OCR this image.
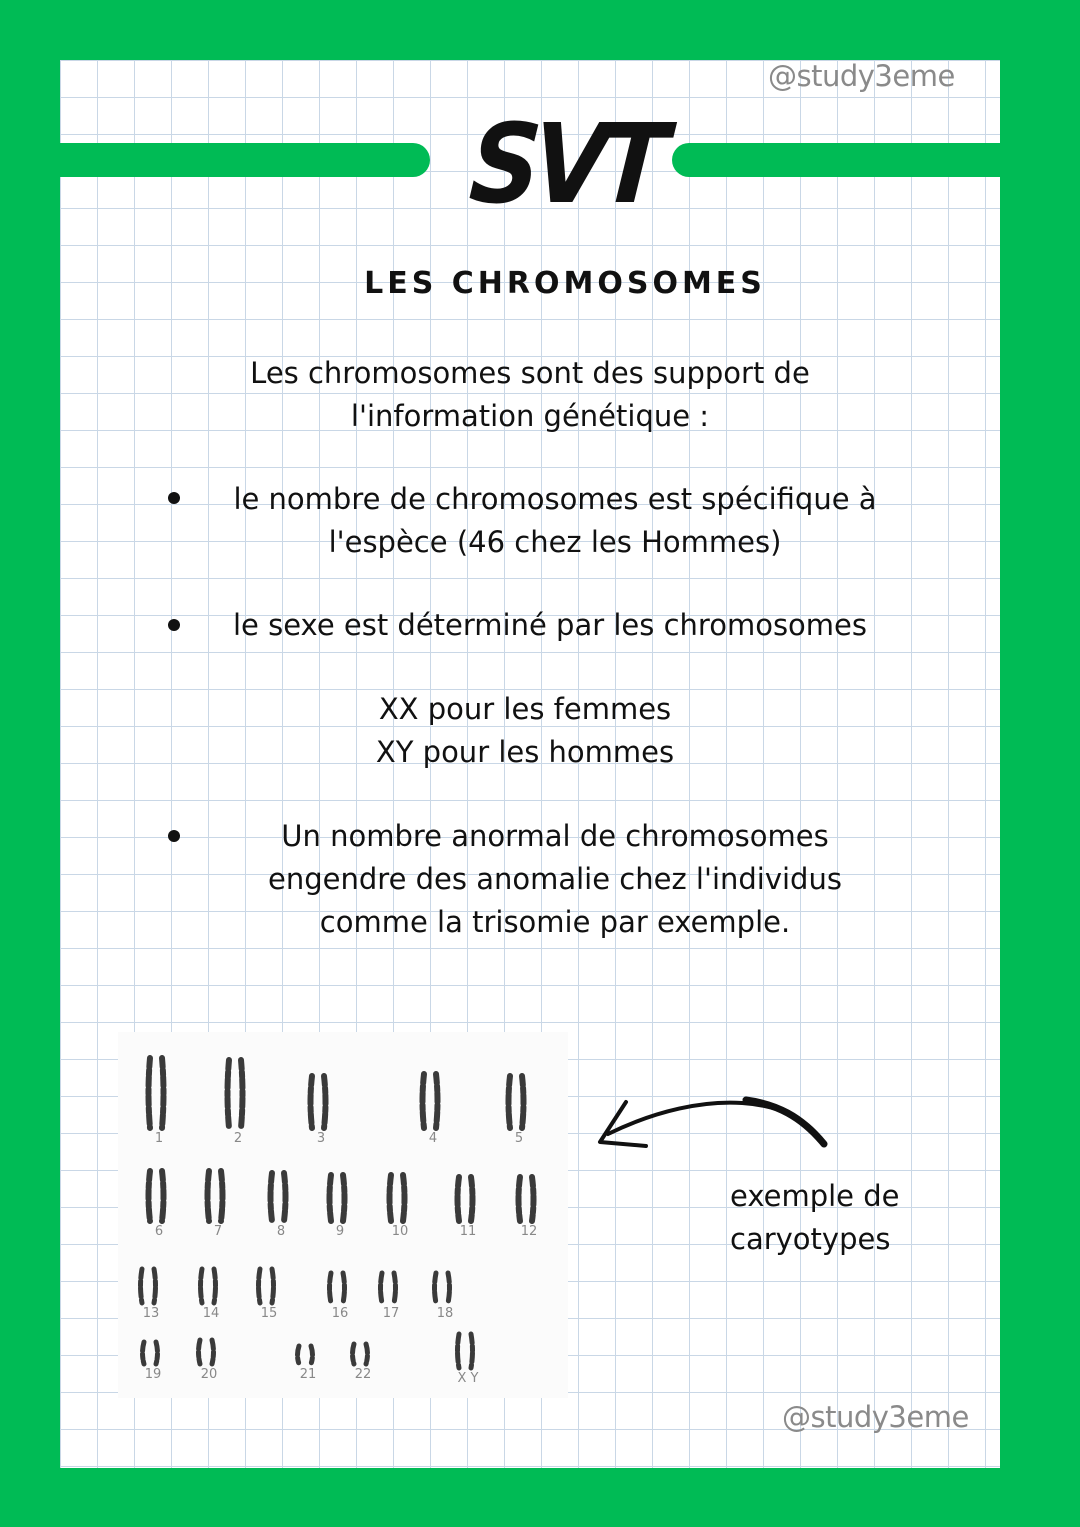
@study3eme
SVT
LES CHROMOSOMES
Les chromosomes sont des support de
l'information génétique :
le nombre de chromosomes est spécifique à
l'espèce (46 chez les Hommes)
le sexe est déterminé par les chromosomes
XX pour les femmes
XY pour les hommes
Un nombre anormal de chromosomes
engendre des anomalie chez l'individus
comme la trisomie par exemple.
1	2	3	4	5
6	7	8	9	10	11	12
13	14	15	16	17	18
19	20	21	22	X Y
exemple de
caryotypes
@study3eme
